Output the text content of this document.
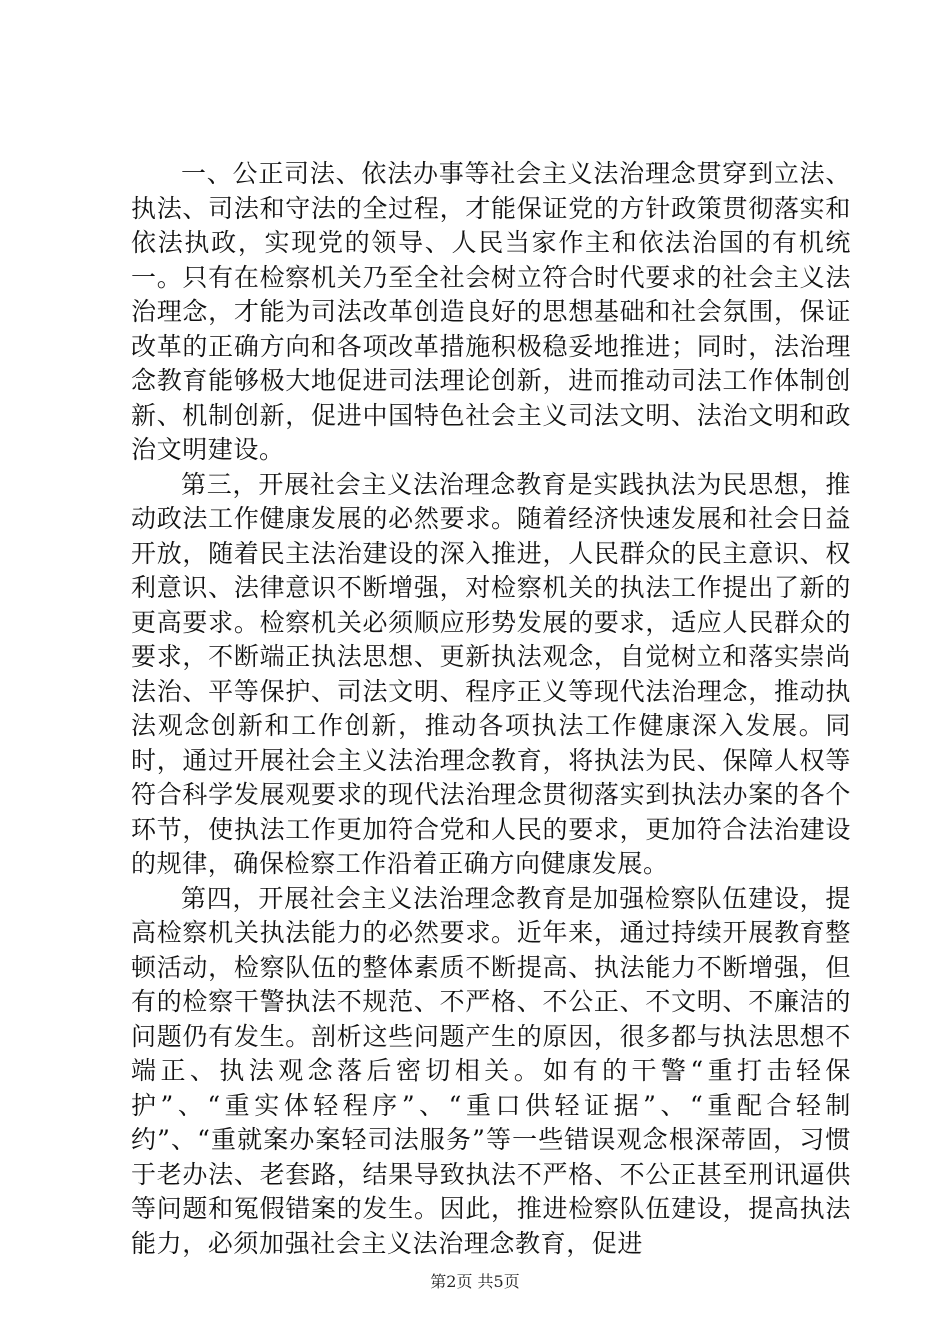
一、公正司法、依法办事等社会主义法治理念贯穿到立法、执法、司法和守法的全过程，才能保证党的方针政策贯彻落实和依法执政，实现党的领导、人民当家作主和依法治国的有机统一。只有在检察机关乃至全社会树立符合时代要求的社会主义法治理念，才能为司法改革创造良好的思想基础和社会氛围，保证改革的正确方向和各项改革措施积极稳妥地推进；同时，法治理念教育能够极大地促进司法理论创新，进而推动司法工作体制创新、机制创新，促进中国特色社会主义司法文明、法治文明和政治文明建设。

第三，开展社会主义法治理念教育是实践执法为民思想，推动政法工作健康发展的必然要求。随着经济快速发展和社会日益开放，随着民主法治建设的深入推进，人民群众的民主意识、权利意识、法律意识不断增强，对检察机关的执法工作提出了新的更高要求。检察机关必须顺应形势发展的要求，适应人民群众的要求，不断端正执法思想、更新执法观念，自觉树立和落实崇尚法治、平等保护、司法文明、程序正义等现代法治理念，推动执法观念创新和工作创新，推动各项执法工作健康深入发展。同时，通过开展社会主义法治理念教育，将执法为民、保障人权等符合科学发展观要求的现代法治理念贯彻落实到执法办案的各个环节，使执法工作更加符合党和人民的要求，更加符合法治建设的规律，确保检察工作沿着正确方向健康发展。

第四，开展社会主义法治理念教育是加强检察队伍建设，提高检察机关执法能力的必然要求。近年来，通过持续开展教育整顿活动，检察队伍的整体素质不断提高、执法能力不断增强，但有的检察干警执法不规范、不严格、不公正、不文明、不廉洁的问题仍有发生。剖析这些问题产生的原因，很多都与执法思想不端正、执法观念落后密切相关。如有的干警“重打击轻保护”、“重实体轻程序”、“重口供轻证据”、“重配合轻制约”、“重就案办案轻司法服务”等一些错误观念根深蒂固，习惯于老办法、老套路，结果导致执法不严格、不公正甚至刑讯逼供等问题和冤假错案的发生。因此，推进检察队伍建设，提高执法能力，必须加强社会主义法治理念教育，促进

第2页 共5页
